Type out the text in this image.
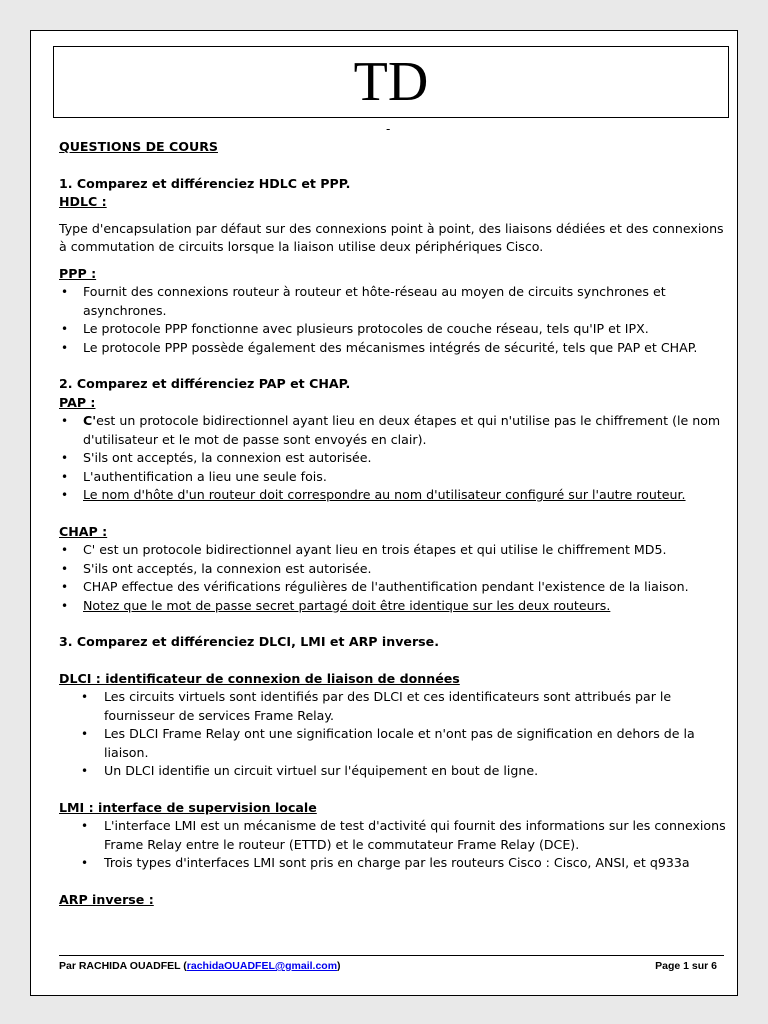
TD
-

QUESTIONS DE COURS

1. Comparez et différenciez HDLC et PPP.

HDLC :

Type d'encapsulation par défaut sur des connexions point à point, des liaisons dédiées et des connexions à commutation de circuits lorsque la liaison utilise deux périphériques Cisco.

PPP :

• Fournit des connexions routeur à routeur et hôte-réseau au moyen de circuits synchrones et asynchrones.
• Le protocole PPP fonctionne avec plusieurs protocoles de couche réseau, tels qu'IP et IPX.
• Le protocole PPP possède également des mécanismes intégrés de sécurité, tels que PAP et CHAP.

2. Comparez et différenciez PAP et CHAP.

PAP :

• C'est un protocole bidirectionnel ayant lieu en deux étapes et qui n'utilise pas le chiffrement (le nom d'utilisateur et le mot de passe sont envoyés en clair).
• S'ils ont acceptés, la connexion est autorisée.
• L'authentification a lieu une seule fois.
• Le nom d'hôte d'un routeur doit correspondre au nom d'utilisateur configuré sur l'autre routeur.

CHAP :

• C' est un protocole bidirectionnel ayant lieu en trois étapes et qui utilise le chiffrement MD5.
• S'ils ont acceptés, la connexion est autorisée.
• CHAP effectue des vérifications régulières de l'authentification pendant l'existence de la liaison.
• Notez que le mot de passe secret partagé doit être identique sur les deux routeurs.

3. Comparez et différenciez DLCI, LMI et ARP inverse.

DLCI : identificateur de connexion de liaison de données

• Les circuits virtuels sont identifiés par des DLCI et ces identificateurs sont attribués par le fournisseur de services Frame Relay.
• Les DLCI Frame Relay ont une signification locale et n'ont pas de signification en dehors de la liaison.
• Un DLCI identifie un circuit virtuel sur l'équipement en bout de ligne.

LMI : interface de supervision locale

• L'interface LMI est un mécanisme de test d'activité qui fournit des informations sur les connexions Frame Relay entre le routeur (ETTD) et le commutateur Frame Relay (DCE).
• Trois types d'interfaces LMI sont pris en charge par les routeurs Cisco : Cisco, ANSI, et q933a

ARP inverse :

Par RACHIDA OUADFEL (rachidaOUADFEL@gmail.com)	Page 1 sur 6
